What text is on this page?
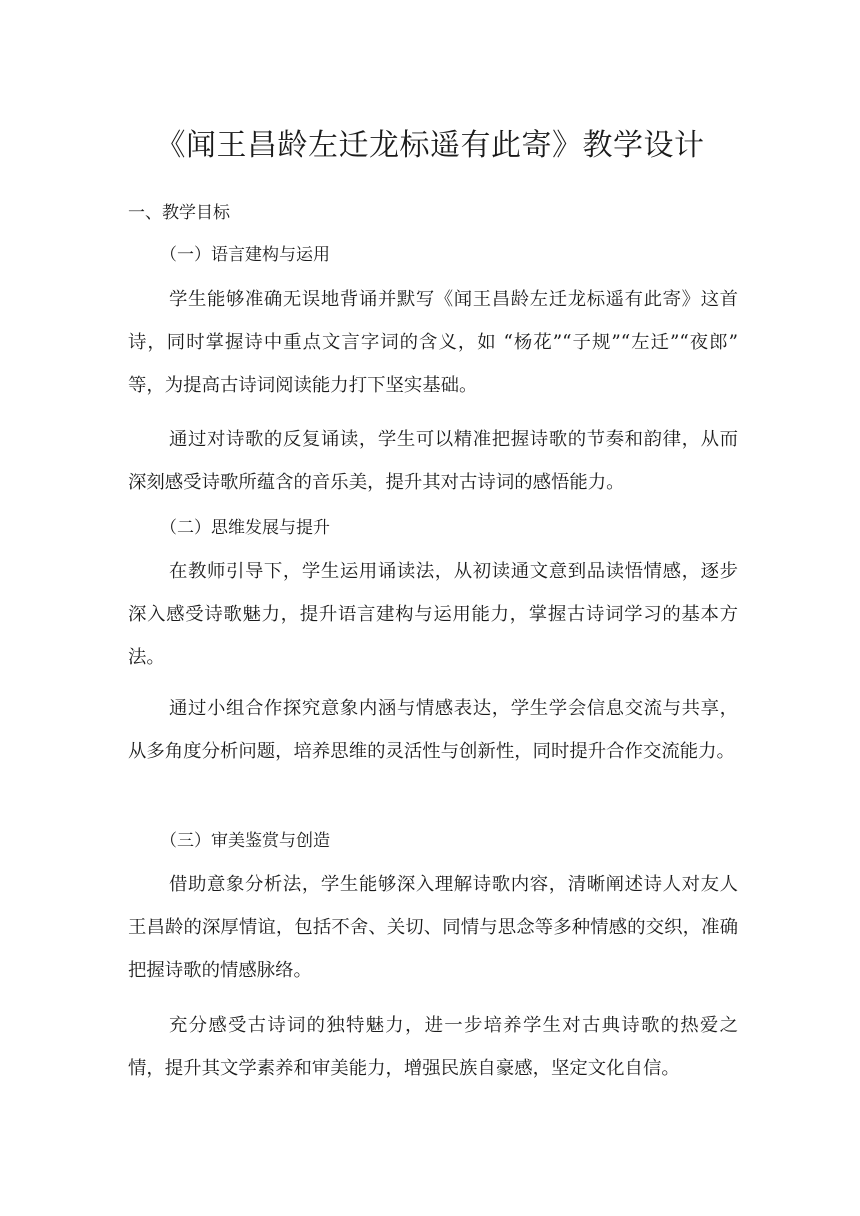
《闻王昌龄左迁龙标遥有此寄》教学设计
一、教学目标
（一）语言建构与运用

学生能够准确无误地背诵并默写《闻王昌龄左迁龙标遥有此寄》这首诗，同时掌握诗中重点文言字词的含义，如 “杨花”“子规”“左迁”“夜郎” 等，为提高古诗词阅读能力打下坚实基础。

通过对诗歌的反复诵读，学生可以精准把握诗歌的节奏和韵律，从而深刻感受诗歌所蕴含的音乐美，提升其对古诗词的感悟能力。

（二）思维发展与提升

在教师引导下，学生运用诵读法，从初读通文意到品读悟情感，逐步深入感受诗歌魅力，提升语言建构与运用能力，掌握古诗词学习的基本方法。

通过小组合作探究意象内涵与情感表达，学生学会信息交流与共享，从多角度分析问题，培养思维的灵活性与创新性，同时提升合作交流能力。

（三）审美鉴赏与创造

借助意象分析法，学生能够深入理解诗歌内容，清晰阐述诗人对友人王昌龄的深厚情谊，包括不舍、关切、同情与思念等多种情感的交织，准确把握诗歌的情感脉络。

充分感受古诗词的独特魅力，进一步培养学生对古典诗歌的热爱之情，提升其文学素养和审美能力，增强民族自豪感，坚定文化自信。
